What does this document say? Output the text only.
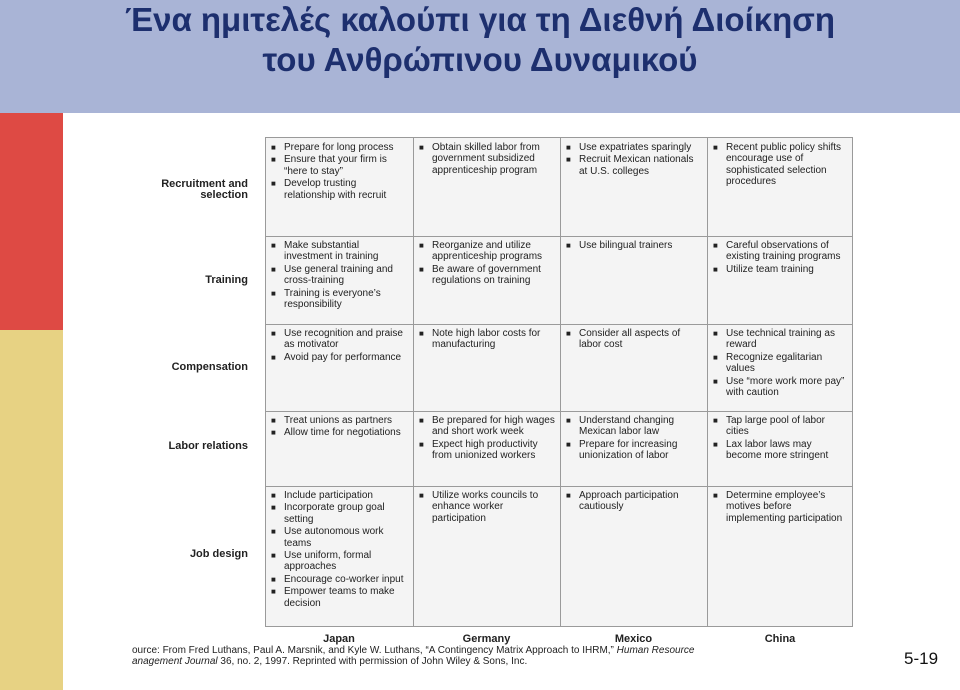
Ένα ημιτελές καλούπι για τη Διεθνή Διοίκηση
του Ανθρώπινου Δυναμικού
Recruitment and selection
Training
Compensation
Labor relations
Job design
■ Prepare for long process
■ Ensure that your firm is “here to stay”
■ Develop trusting relationship with recruit
■ Obtain skilled labor from government subsidized apprenticeship program
■ Use expatriates sparingly
■ Recruit Mexican nationals at U.S. colleges
■ Recent public policy shifts encourage use of sophisticated selection procedures
■ Make substantial investment in training
■ Use general training and cross-training
■ Training is everyone’s responsibility
■ Reorganize and utilize apprenticeship programs
■ Be aware of government regulations on training
■ Use bilingual trainers
■	Careful observations of existing training programs
■ Utilize team training
■ Use recognition and praise as motivator
■ Avoid pay for performance
■ Note high labor costs for manufacturing
■ Consider all aspects of labor cost
■ Use technical training as reward
■ Recognize egalitarian values
■ Use “more work more pay” with caution
■ Treat unions as partners
■ Allow time for negotiations
■ Be prepared for high wages and short work week
■ Expect high productivity from unionized workers
■ Understand changing Mexican labor law
■ Prepare for increasing unionization of labor
■ Tap large pool of labor cities
■ Lax labor laws may become more stringent
■ Include participation
■ Incorporate group goal setting
■ Use autonomous work teams
■ Use uniform, formal approaches
■ Encourage co-worker input
■ Empower teams to make decision
■ Utilize works councils to enhance worker participation
■ Approach participation cautiously
■ Determine employee’s motives before implementing participation
Germany
Japan	Mexico	China
ource: From Fred Luthans, Paul A. Marsnik, and Kyle W. Luthans, “A Contingency Matrix Approach to IHRM,” Human Resource
anagement Journal 36, no. 2, 1997. Reprinted with permission of John Wiley & Sons, Inc.	5-19
